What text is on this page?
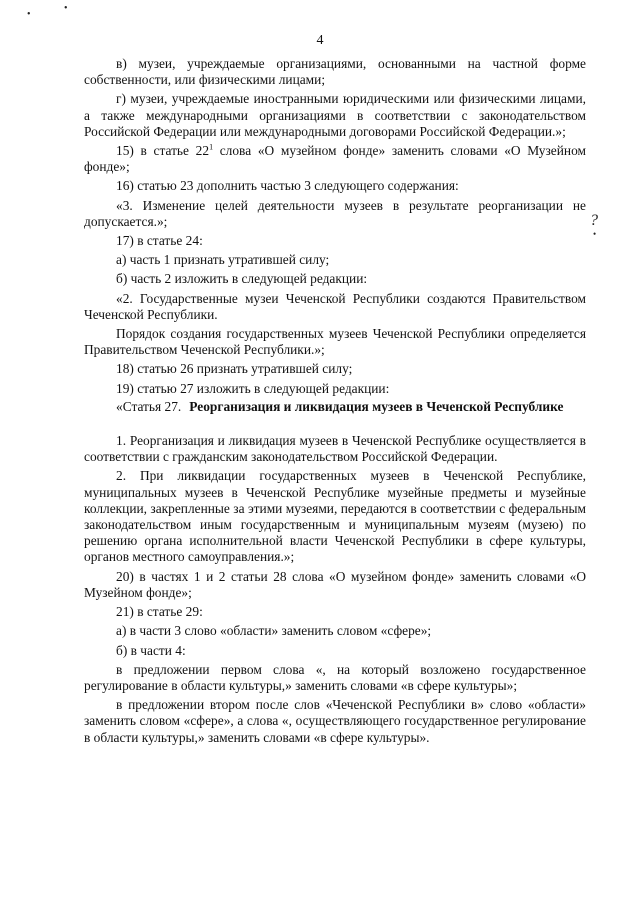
•
•
4
?
•

в) музеи, учреждаемые организациями, основанными на частной форме собственности, или физическими лицами;

г) музеи, учреждаемые иностранными юридическими или физическими лицами, а также международными организациями в соответствии с законодательством Российской Федерации или международными договорами Российской Федерации.»;

15) в статье $22^1$ слова «О музейном фонде» заменить словами «О Музейном фонде»;

16) статью 23 дополнить частью 3 следующего содержания:

«3. Изменение целей деятельности музеев в результате реорганизации не допускается.»;

17) в статье 24:

а) часть 1 признать утратившей силу;

б) часть 2 изложить в следующей редакции:

«2. Государственные музеи Чеченской Республики создаются Правительством Чеченской Республики.

Порядок создания государственных музеев Чеченской Республики определяется Правительством Чеченской Республики.»;

18) статью 26 признать утратившей силу;

19) статью 27 изложить в следующей редакции:

«Статья 27. Реорганизация и ликвидация музеев в Чеченской Республике

1. Реорганизация и ликвидация музеев в Чеченской Республике осуществляется в соответствии с гражданским законодательством Российской Федерации.

2. При ликвидации государственных музеев в Чеченской Республике, муниципальных музеев в Чеченской Республике музейные предметы и музейные коллекции, закрепленные за этими музеями, передаются в соответствии с федеральным законодательством иным государственным и муниципальным музеям (музею) по решению органа исполнительной власти Чеченской Республики в сфере культуры, органов местного самоуправления.»;

20) в частях 1 и 2 статьи 28 слова «О музейном фонде» заменить словами «О Музейном фонде»;

21) в статье 29:

а) в части 3 слово «области» заменить словом «сфере»;

б) в части 4:

в предложении первом слова «, на который возложено государственное регулирование в области культуры,» заменить словами «в сфере культуры»;

в предложении втором после слов «Чеченской Республики в» слово «области» заменить словом «сфере», а слова «, осуществляющего государственное регулирование в области культуры,» заменить словами «в сфере культуры».
